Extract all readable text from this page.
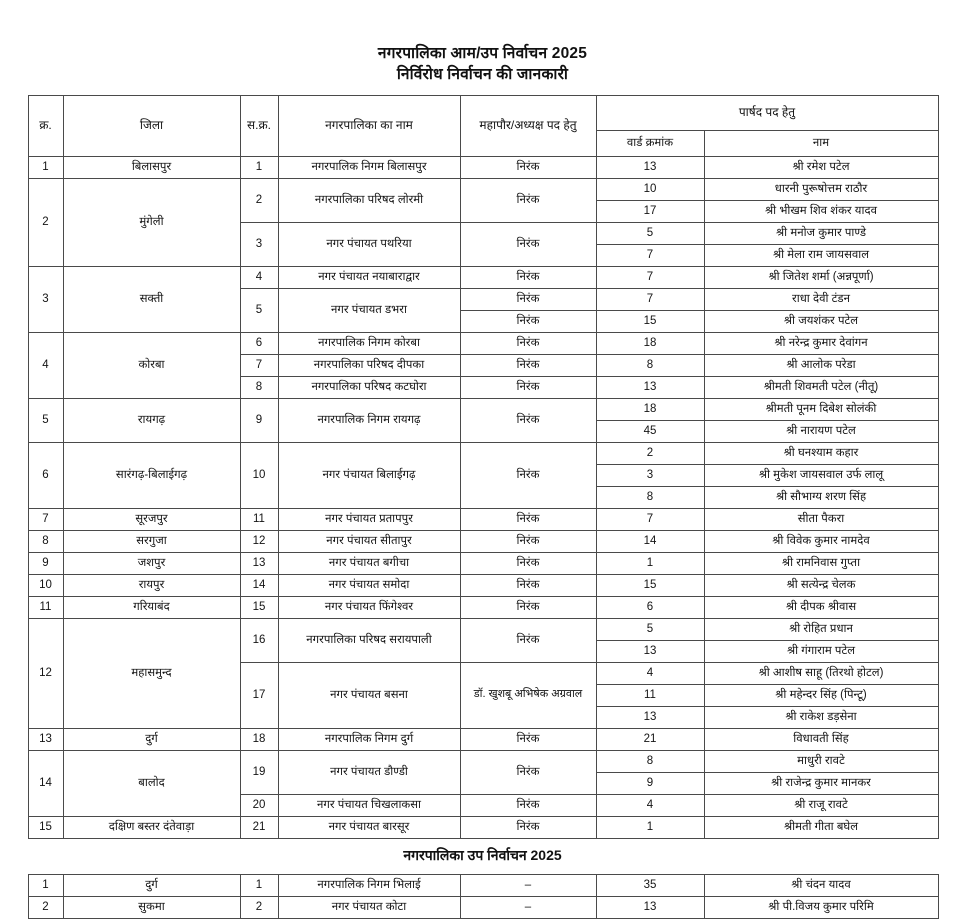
नगरपालिका आम/उप निर्वाचन 2025
निर्विरोध निर्वाचन की जानकारी
क्र.	जिला	स.क्र.	नगरपालिका का नाम	महापौर/अध्यक्ष पद हेतु	पार्षद पद हेतु	
					वार्ड क्रमांक	नाम
1	बिलासपुर	1	नगरपालिक निगम बिलासपुर	निरंक	13	श्री रमेश पटेल
2	मुंगेली	2	नगरपालिका परिषद लोरमी	निरंक	10	धारनी पुरूषोत्तम राठौर
					17	श्री भीखम शिव शंकर यादव
		3	नगर पंचायत पथरिया	निरंक	5	श्री मनोज कुमार पाण्डे
					7	श्री मेला राम जायसवाल
3	सक्ती	4	नगर पंचायत नयाबाराद्वार	निरंक	7	श्री जितेश शर्मा (अन्नपूर्णा)
		5	नगर पंचायत डभरा	निरंक	7	राधा देवी टंडन
				निरंक	15	श्री जयशंकर पटेल
4	कोरबा	6	नगरपालिक निगम कोरबा	निरंक	18	श्री नरेन्द्र कुमार देवांगन
		7	नगरपालिका परिषद दीपका	निरंक	8	श्री आलोक परेडा
		8	नगरपालिका परिषद कटघोरा	निरंक	13	श्रीमती शिवमती पटेल (नीतू)
5	रायगढ़	9	नगरपालिक निगम रायगढ़	निरंक	18	श्रीमती पूनम दिबेश सोलंकी
					45	श्री नारायण पटेल
6	सारंगढ़-बिलाईगढ़	10	नगर पंचायत बिलाईगढ़	निरंक	2	श्री घनश्याम कहार
					3	श्री मुकेश जायसवाल उर्फ लालू
					8	श्री सौभाग्य शरण सिंह
7	सूरजपुर	11	नगर पंचायत प्रतापपुर	निरंक	7	सीता पैकरा
8	सरगुजा	12	नगर पंचायत सीतापुर	निरंक	14	श्री विवेक कुमार नामदेव
9	जशपुर	13	नगर पंचायत बगीचा	निरंक	1	श्री रामनिवास गुप्ता
10	रायपुर	14	नगर पंचायत समोदा	निरंक	15	श्री सत्येन्द्र चेलक
11	गरियाबंद	15	नगर पंचायत फिंगेश्वर	निरंक	6	श्री दीपक श्रीवास
12	महासमुन्द	16	नगरपालिका परिषद सरायपाली	निरंक	5	श्री रोहित प्रधान
					13	श्री गंगाराम पटेल
		17	नगर पंचायत बसना	डॉ. खुशबू अभिषेक अग्रवाल	4	श्री आशीष साहू (तिरथो होटल)
					11	श्री महेन्दर सिंह (पिन्टू)
					13	श्री राकेश डड़सेना
13	दुर्ग	18	नगरपालिक निगम दुर्ग	निरंक	21	विधावती सिंह
14	बालोद	19	नगर पंचायत डौण्डी	निरंक	8	माधुरी रावटे
					9	श्री राजेन्द्र कुमार मानकर
		20	नगर पंचायत चिखलाकसा	निरंक	4	श्री राजू रावटे
15	दक्षिण बस्तर दंतेवाड़ा	21	नगर पंचायत बारसूर	निरंक	1	श्रीमती गीता बघेल
नगरपालिका उप निर्वाचन 2025
1	दुर्ग	1	नगरपालिक निगम भिलाई	–	35	श्री चंदन यादव
2	सुकमा	2	नगर पंचायत कोटा	–	13	श्री पी.विजय कुमार परिमि
